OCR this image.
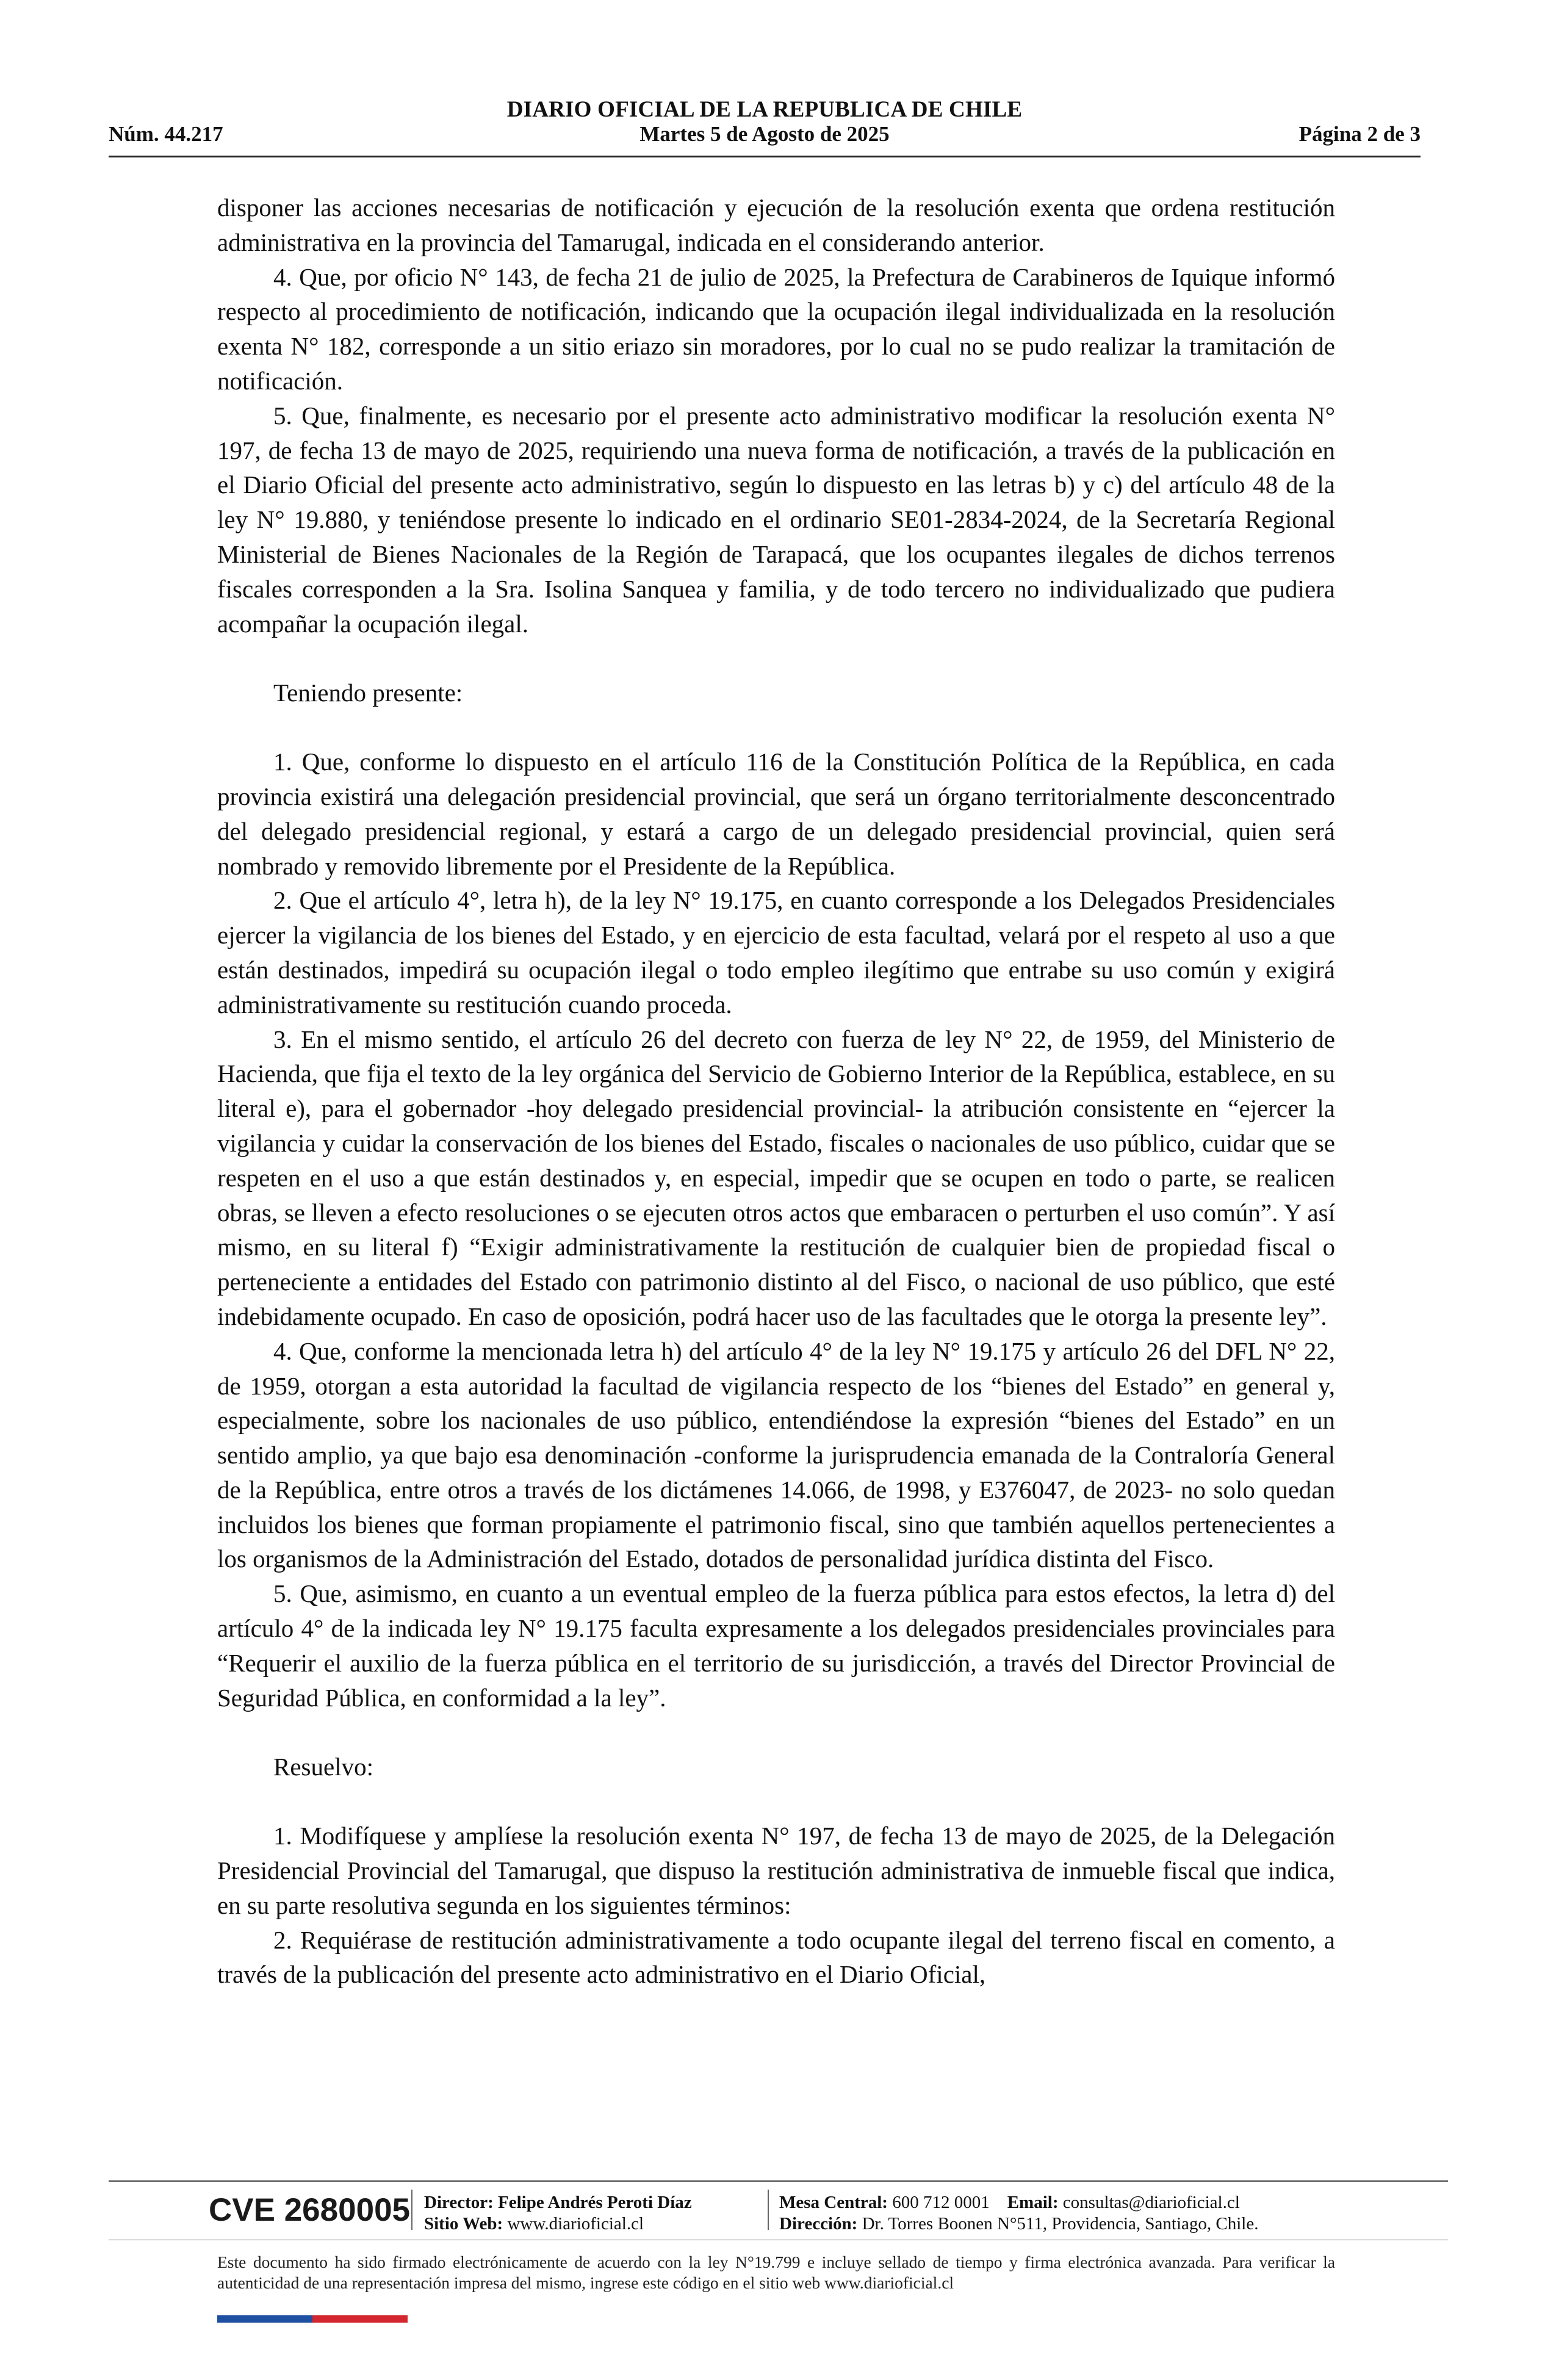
DIARIO OFICIAL DE LA REPUBLICA DE CHILE
Núm. 44.217	Martes 5 de Agosto de 2025	Página 2 de 3

disponer las acciones necesarias de notificación y ejecución de la resolución exenta que ordena restitución administrativa en la provincia del Tamarugal, indicada en el considerando anterior.

4. Que, por oficio N° 143, de fecha 21 de julio de 2025, la Prefectura de Carabineros de Iquique informó respecto al procedimiento de notificación, indicando que la ocupación ilegal individualizada en la resolución exenta N° 182, corresponde a un sitio eriazo sin moradores, por lo cual no se pudo realizar la tramitación de notificación.

5. Que, finalmente, es necesario por el presente acto administrativo modificar la resolución exenta N° 197, de fecha 13 de mayo de 2025, requiriendo una nueva forma de notificación, a través de la publicación en el Diario Oficial del presente acto administrativo, según lo dispuesto en las letras b) y c) del artículo 48 de la ley N° 19.880, y teniéndose presente lo indicado en el ordinario SE01-2834-2024, de la Secretaría Regional Ministerial de Bienes Nacionales de la Región de Tarapacá, que los ocupantes ilegales de dichos terrenos fiscales corresponden a la Sra. Isolina Sanquea y familia, y de todo tercero no individualizado que pudiera acompañar la ocupación ilegal.

Teniendo presente:

1. Que, conforme lo dispuesto en el artículo 116 de la Constitución Política de la República, en cada provincia existirá una delegación presidencial provincial, que será un órgano territorialmente desconcentrado del delegado presidencial regional, y estará a cargo de un delegado presidencial provincial, quien será nombrado y removido libremente por el Presidente de la República.

2. Que el artículo 4°, letra h), de la ley N° 19.175, en cuanto corresponde a los Delegados Presidenciales ejercer la vigilancia de los bienes del Estado, y en ejercicio de esta facultad, velará por el respeto al uso a que están destinados, impedirá su ocupación ilegal o todo empleo ilegítimo que entrabe su uso común y exigirá administrativamente su restitución cuando proceda.

3. En el mismo sentido, el artículo 26 del decreto con fuerza de ley N° 22, de 1959, del Ministerio de Hacienda, que fija el texto de la ley orgánica del Servicio de Gobierno Interior de la República, establece, en su literal e), para el gobernador -hoy delegado presidencial provincial- la atribución consistente en “ejercer la vigilancia y cuidar la conservación de los bienes del Estado, fiscales o nacionales de uso público, cuidar que se respeten en el uso a que están destinados y, en especial, impedir que se ocupen en todo o parte, se realicen obras, se lleven a efecto resoluciones o se ejecuten otros actos que embaracen o perturben el uso común”. Y así mismo, en su literal f) “Exigir administrativamente la restitución de cualquier bien de propiedad fiscal o perteneciente a entidades del Estado con patrimonio distinto al del Fisco, o nacional de uso público, que esté indebidamente ocupado. En caso de oposición, podrá hacer uso de las facultades que le otorga la presente ley”.

4. Que, conforme la mencionada letra h) del artículo 4° de la ley N° 19.175 y artículo 26 del DFL N° 22, de 1959, otorgan a esta autoridad la facultad de vigilancia respecto de los “bienes del Estado” en general y, especialmente, sobre los nacionales de uso público, entendiéndose la expresión “bienes del Estado” en un sentido amplio, ya que bajo esa denominación -conforme la jurisprudencia emanada de la Contraloría General de la República, entre otros a través de los dictámenes 14.066, de 1998, y E376047, de 2023- no solo quedan incluidos los bienes que forman propiamente el patrimonio fiscal, sino que también aquellos pertenecientes a los organismos de la Administración del Estado, dotados de personalidad jurídica distinta del Fisco.

5. Que, asimismo, en cuanto a un eventual empleo de la fuerza pública para estos efectos, la letra d) del artículo 4° de la indicada ley N° 19.175 faculta expresamente a los delegados presidenciales provinciales para “Requerir el auxilio de la fuerza pública en el territorio de su jurisdicción, a través del Director Provincial de Seguridad Pública, en conformidad a la ley”.

Resuelvo:

1. Modifíquese y amplíese la resolución exenta N° 197, de fecha 13 de mayo de 2025, de la Delegación Presidencial Provincial del Tamarugal, que dispuso la restitución administrativa de inmueble fiscal que indica, en su parte resolutiva segunda en los siguientes términos:

2. Requiérase de restitución administrativamente a todo ocupante ilegal del terreno fiscal en comento, a través de la publicación del presente acto administrativo en el Diario Oficial,

CVE 2680005 Director: Felipe Andrés Peroti Díaz
Sitio Web: www.diarioficial.cl
Mesa Central: 600 712 0001 Email: consultas@diarioficial.cl
Dirección: Dr. Torres Boonen N°511, Providencia, Santiago, Chile.
Este documento ha sido firmado electrónicamente de acuerdo con la ley N°19.799 e incluye sellado de tiempo y firma electrónica avanzada. Para verificar la autenticidad de una representación impresa del mismo, ingrese este código en el sitio web www.diarioficial.cl
